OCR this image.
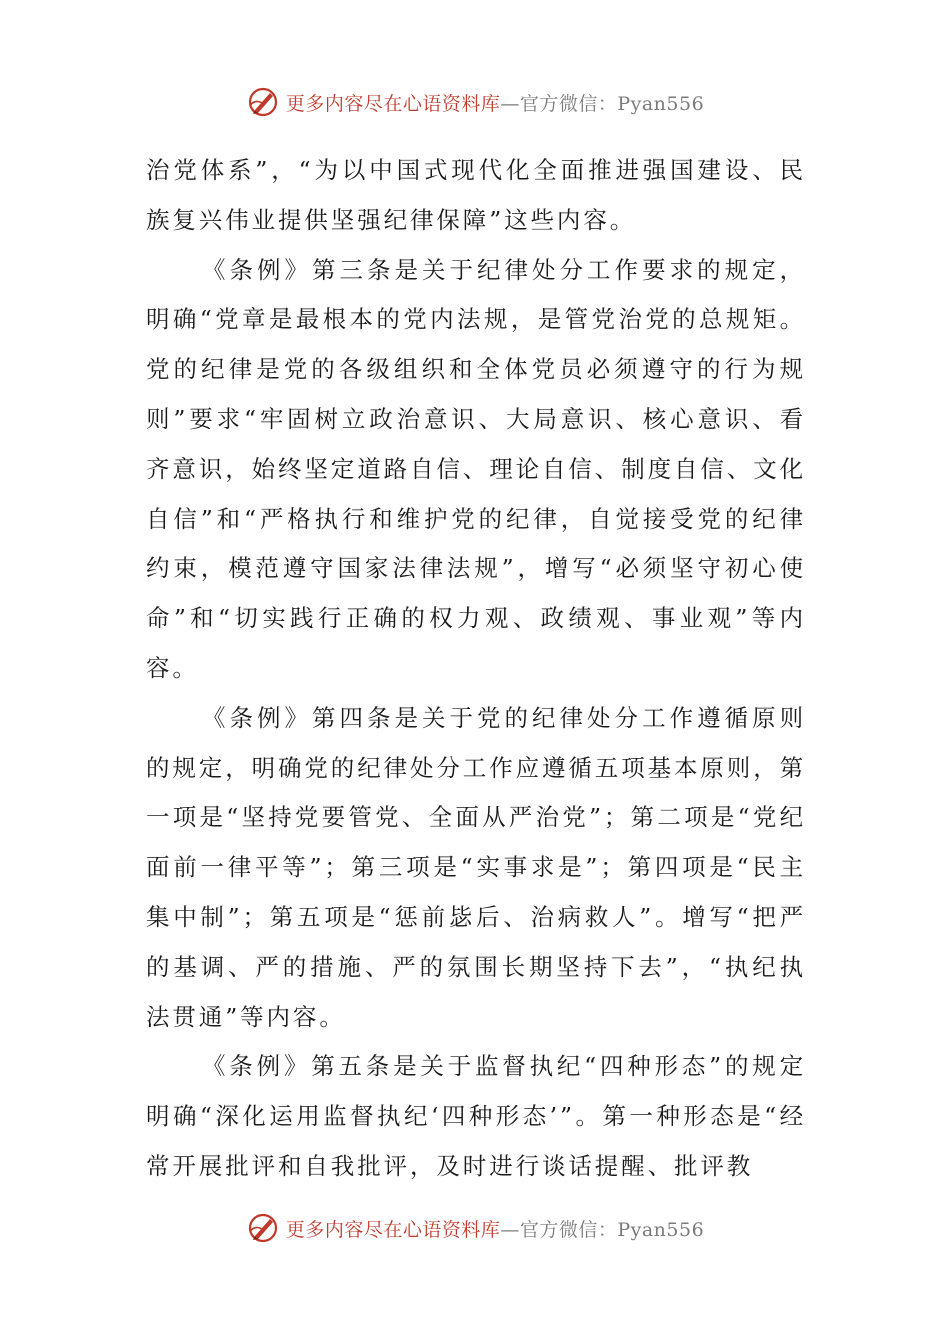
更多内容尽在心语资料库—官方微信：Pyan556

治党体系”，“为以中国式现代化全面推进强国建设、民族复兴伟业提供坚强纪律保障”这些内容。

《条例》第三条是关于纪律处分工作要求的规定，明确“党章是最根本的党内法规，是管党治党的总规矩。党的纪律是党的各级组织和全体党员必须遵守的行为规则”要求“牢固树立政治意识、大局意识、核心意识、看齐意识，始终坚定道路自信、理论自信、制度自信、文化自信”和“严格执行和维护党的纪律，自觉接受党的纪律约束，模范遵守国家法律法规”，增写“必须坚守初心使命”和“切实践行正确的权力观、政绩观、事业观”等内容。

《条例》第四条是关于党的纪律处分工作遵循原则的规定，明确党的纪律处分工作应遵循五项基本原则，第一项是“坚持党要管党、全面从严治党”；第二项是“党纪面前一律平等”；第三项是“实事求是”；第四项是“民主集中制”；第五项是“惩前毖后、治病救人”。增写“把严的基调、严的措施、严的氛围长期坚持下去”，“执纪执法贯通”等内容。

《条例》第五条是关于监督执纪“四种形态”的规定明确“深化运用监督执纪‘四种形态’”。第一种形态是“经常开展批评和自我批评，及时进行谈话提醒、批评教

更多内容尽在心语资料库—官方微信：Pyan556
